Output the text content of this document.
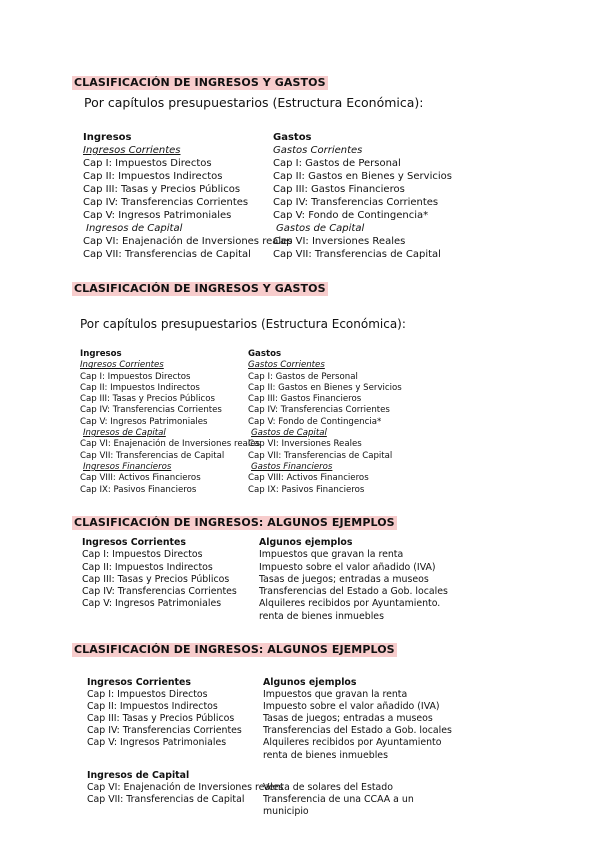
CLASIFICACIÓN DE INGRESOS Y GASTOS
Por capítulos presupuestarios (Estructura Económica):
Ingresos
Ingresos Corrientes
Cap I: Impuestos Directos
Cap II: Impuestos Indirectos
Cap III: Tasas y Precios Públicos
Cap IV: Transferencias Corrientes
Cap V: Ingresos Patrimoniales
Ingresos de Capital
Cap VI: Enajenación de Inversiones reales
Cap VII: Transferencias de Capital
Gastos
Gastos Corrientes
Cap I: Gastos de Personal
Cap II: Gastos en Bienes y Servicios
Cap III: Gastos Financieros
Cap IV: Transferencias Corrientes
Cap V: Fondo de Contingencia*
Gastos de Capital
Cap VI: Inversiones Reales
Cap VII: Transferencias de Capital
CLASIFICACIÓN DE INGRESOS Y GASTOS
Por capítulos presupuestarios (Estructura Económica):
Ingresos
Ingresos Corrientes
Cap I: Impuestos Directos
Cap II: Impuestos Indirectos
Cap III: Tasas y Precios Públicos
Cap IV: Transferencias Corrientes
Cap V: Ingresos Patrimoniales
Ingresos de Capital
Cap VI: Enajenación de Inversiones reales
Cap VII: Transferencias de Capital
Ingresos Financieros
Cap VIII: Activos Financieros
Cap IX: Pasivos Financieros
Gastos
Gastos Corrientes
Cap I: Gastos de Personal
Cap II: Gastos en Bienes y Servicios
Cap III: Gastos Financieros
Cap IV: Transferencias Corrientes
Cap V: Fondo de Contingencia*
Gastos de Capital
Cap VI: Inversiones Reales
Cap VII: Transferencias de Capital
Gastos Financieros
Cap VIII: Activos Financieros
Cap IX: Pasivos Financieros
CLASIFICACIÓN DE INGRESOS: ALGUNOS EJEMPLOS
Ingresos Corrientes
Cap I: Impuestos Directos
Cap II: Impuestos Indirectos
Cap III: Tasas y Precios Públicos
Cap IV: Transferencias Corrientes
Cap V: Ingresos Patrimoniales
Algunos ejemplos
Impuestos que gravan la renta
Impuesto sobre el valor añadido (IVA)
Tasas de juegos; entradas a museos
Transferencias del Estado a Gob. locales
Alquileres recibidos por Ayuntamiento.
renta de bienes inmuebles
CLASIFICACIÓN DE INGRESOS: ALGUNOS EJEMPLOS
Ingresos Corrientes
Cap I: Impuestos Directos
Cap II: Impuestos Indirectos
Cap III: Tasas y Precios Públicos
Cap IV: Transferencias Corrientes
Cap V: Ingresos Patrimoniales

Ingresos de Capital
Cap VI: Enajenación de Inversiones reales
Cap VII: Transferencias de Capital
Algunos ejemplos
Impuestos que gravan la renta
Impuesto sobre el valor añadido (IVA)
Tasas de juegos; entradas a museos
Transferencias del Estado a Gob. locales
Alquileres recibidos por Ayuntamiento
renta de bienes inmuebles

Venta de solares del Estado
Transferencia de una CCAA a un
municipio
